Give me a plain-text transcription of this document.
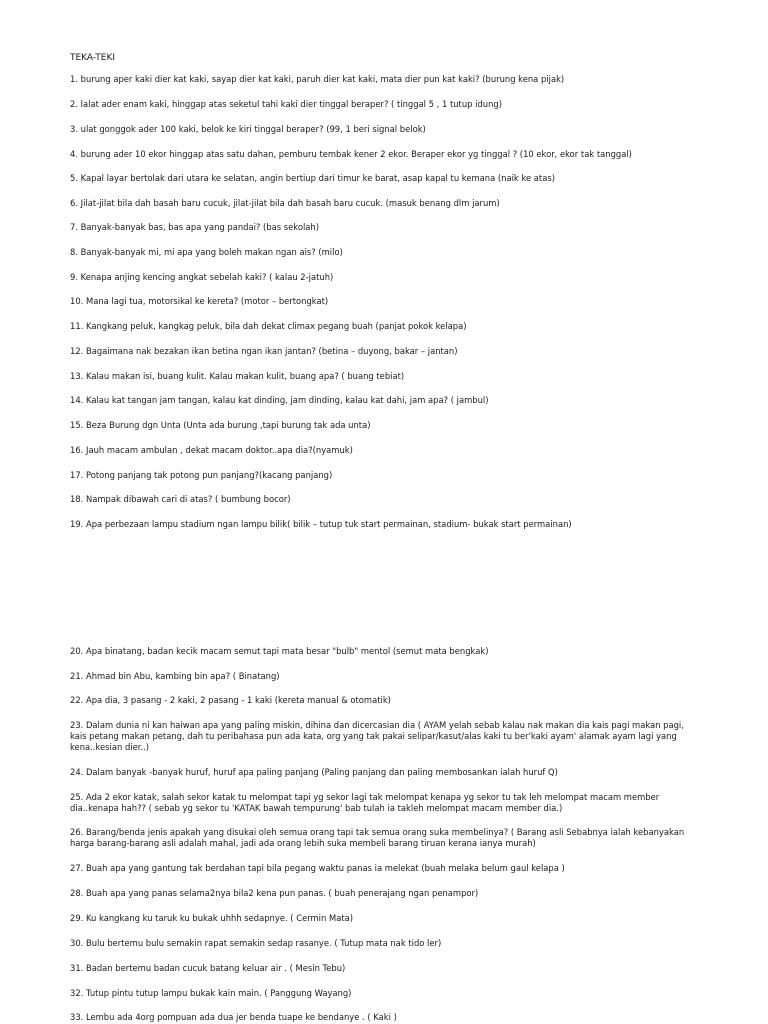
TEKA-TEKI
1. burung aper kaki dier kat kaki, sayap dier kat kaki, paruh dier kat kaki, mata dier pun kat kaki? (burung kena pijak)
2. lalat ader enam kaki, hinggap atas seketul tahi kaki dier tinggal beraper? ( tinggal 5 , 1 tutup idung)
3. ulat gonggok ader 100 kaki, belok ke kiri tinggal beraper? (99, 1 beri signal belok)
4. burung ader 10 ekor hinggap atas satu dahan, pemburu tembak kener 2 ekor. Beraper ekor yg tinggal ? (10 ekor, ekor tak tanggal)
5. Kapal layar bertolak dari utara ke selatan, angin bertiup dari timur ke barat, asap kapal tu kemana (naik ke atas)
6. Jilat-jilat bila dah basah baru cucuk, jilat-jilat bila dah basah baru cucuk. (masuk benang dlm jarum)
7. Banyak-banyak bas, bas apa yang pandai? (bas sekolah)
8. Banyak-banyak mi, mi apa yang boleh makan ngan ais? (milo)
9. Kenapa anjing kencing angkat sebelah kaki? ( kalau 2-jatuh)
10. Mana lagi tua, motorsikal ke kereta? (motor – bertongkat)
11. Kangkang peluk, kangkag peluk, bila dah dekat climax pegang buah (panjat pokok kelapa)
12. Bagaimana nak bezakan ikan betina ngan ikan jantan? (betina – duyong, bakar – jantan)
13. Kalau makan isi, buang kulit. Kalau makan kulit, buang apa? ( buang tebiat)
14. Kalau kat tangan jam tangan, kalau kat dinding, jam dinding, kalau kat dahi, jam apa? ( jambul)
15. Beza Burung dgn Unta (Unta ada burung ,tapi burung tak ada unta)
16. Jauh macam ambulan , dekat macam doktor..apa dia?(nyamuk)
17. Potong panjang tak potong pun panjang?(kacang panjang)
18. Nampak dibawah cari di atas? ( bumbung bocor)
19. Apa perbezaan lampu stadium ngan lampu bilik( bilik – tutup tuk start permainan, stadium- bukak start permainan)
20. Apa binatang, badan kecik macam semut tapi mata besar "bulb" mentol (semut mata bengkak)
21. Ahmad bin Abu, kambing bin apa? ( Binatang)
22. Apa dia, 3 pasang - 2 kaki, 2 pasang - 1 kaki (kereta manual & otomatik)
23. Dalam dunia ni kan haiwan apa yang paling miskin, dihina dan dicercasian dia ( AYAM yelah sebab kalau nak makan dia kais pagi makan pagi, kais petang makan petang, dah tu peribahasa pun ada kata, org yang tak pakai selipar/kasut/alas kaki tu ber'kaki ayam' alamak ayam lagi yang kena..kesian dier..)
24. Dalam banyak -banyak huruf, huruf apa paling panjang (Paling panjang dan paling membosankan ialah huruf Q)
25. Ada 2 ekor katak, salah sekor katak tu melompat tapi yg sekor lagi tak melompat kenapa yg sekor tu tak leh melompat macam member dia..kenapa hah?? ( sebab yg sekor tu 'KATAK bawah tempurung' bab tulah ia takleh melompat macam member dia.)
26. Barang/benda jenis apakah yang disukai oleh semua orang tapi tak semua orang suka membelinya? ( Barang asli Sebabnya ialah kebanyakan harga barang-barang asli adalah mahal, jadi ada orang lebih suka membeli barang tiruan kerana ianya murah)
27. Buah apa yang gantung tak berdahan tapi bila pegang waktu panas ia melekat (buah melaka belum gaul kelapa )
28. Buah apa yang panas selama2nya bila2 kena pun panas. ( buah penerajang ngan penampor)
29. Ku kangkang ku taruk ku bukak uhhh sedapnye. ( Cermin Mata)
30. Bulu bertemu bulu semakin rapat semakin sedap rasanye. ( Tutup mata nak tido ler)
31. Badan bertemu badan cucuk batang keluar air . ( Mesin Tebu)
32. Tutup pintu tutup lampu bukak kain main. ( Panggung Wayang)
33. Lembu ada 4org pompuan ada dua jer benda tuape ke bendanye . ( Kaki )
